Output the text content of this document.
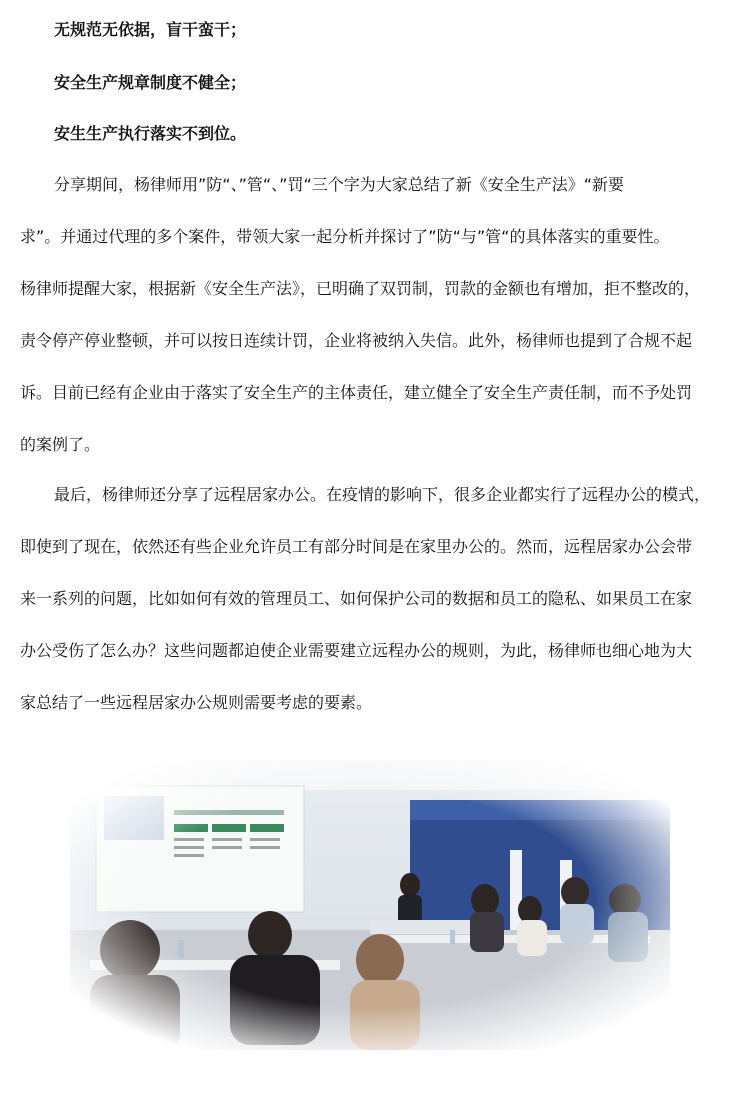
无规范无依据，盲干蛮干；

安全生产规章制度不健全；

安生生产执行落实不到位。

分享期间，杨律师用”防“、”管“、”罚“三个字为大家总结了新《安全生产法》“新要
求”。并通过代理的多个案件，带领大家一起分析并探讨了”防“与”管“的具体落实的重要性。
杨律师提醒大家，根据新《安全生产法》，已明确了双罚制，罚款的金额也有增加，拒不整改的，
责令停产停业整顿，并可以按日连续计罚，企业将被纳入失信。此外，杨律师也提到了合规不起
诉。目前已经有企业由于落实了安全生产的主体责任，建立健全了安全生产责任制，而不予处罚
的案例了。
最后，杨律师还分享了远程居家办公。在疫情的影响下，很多企业都实行了远程办公的模式，
即使到了现在，依然还有些企业允许员工有部分时间是在家里办公的。然而，远程居家办公会带
来一系列的问题，比如如何有效的管理员工、如何保护公司的数据和员工的隐私、如果员工在家
办公受伤了怎么办？这些问题都迫使企业需要建立远程办公的规则，为此，杨律师也细心地为大
家总结了一些远程居家办公规则需要考虑的要素。
